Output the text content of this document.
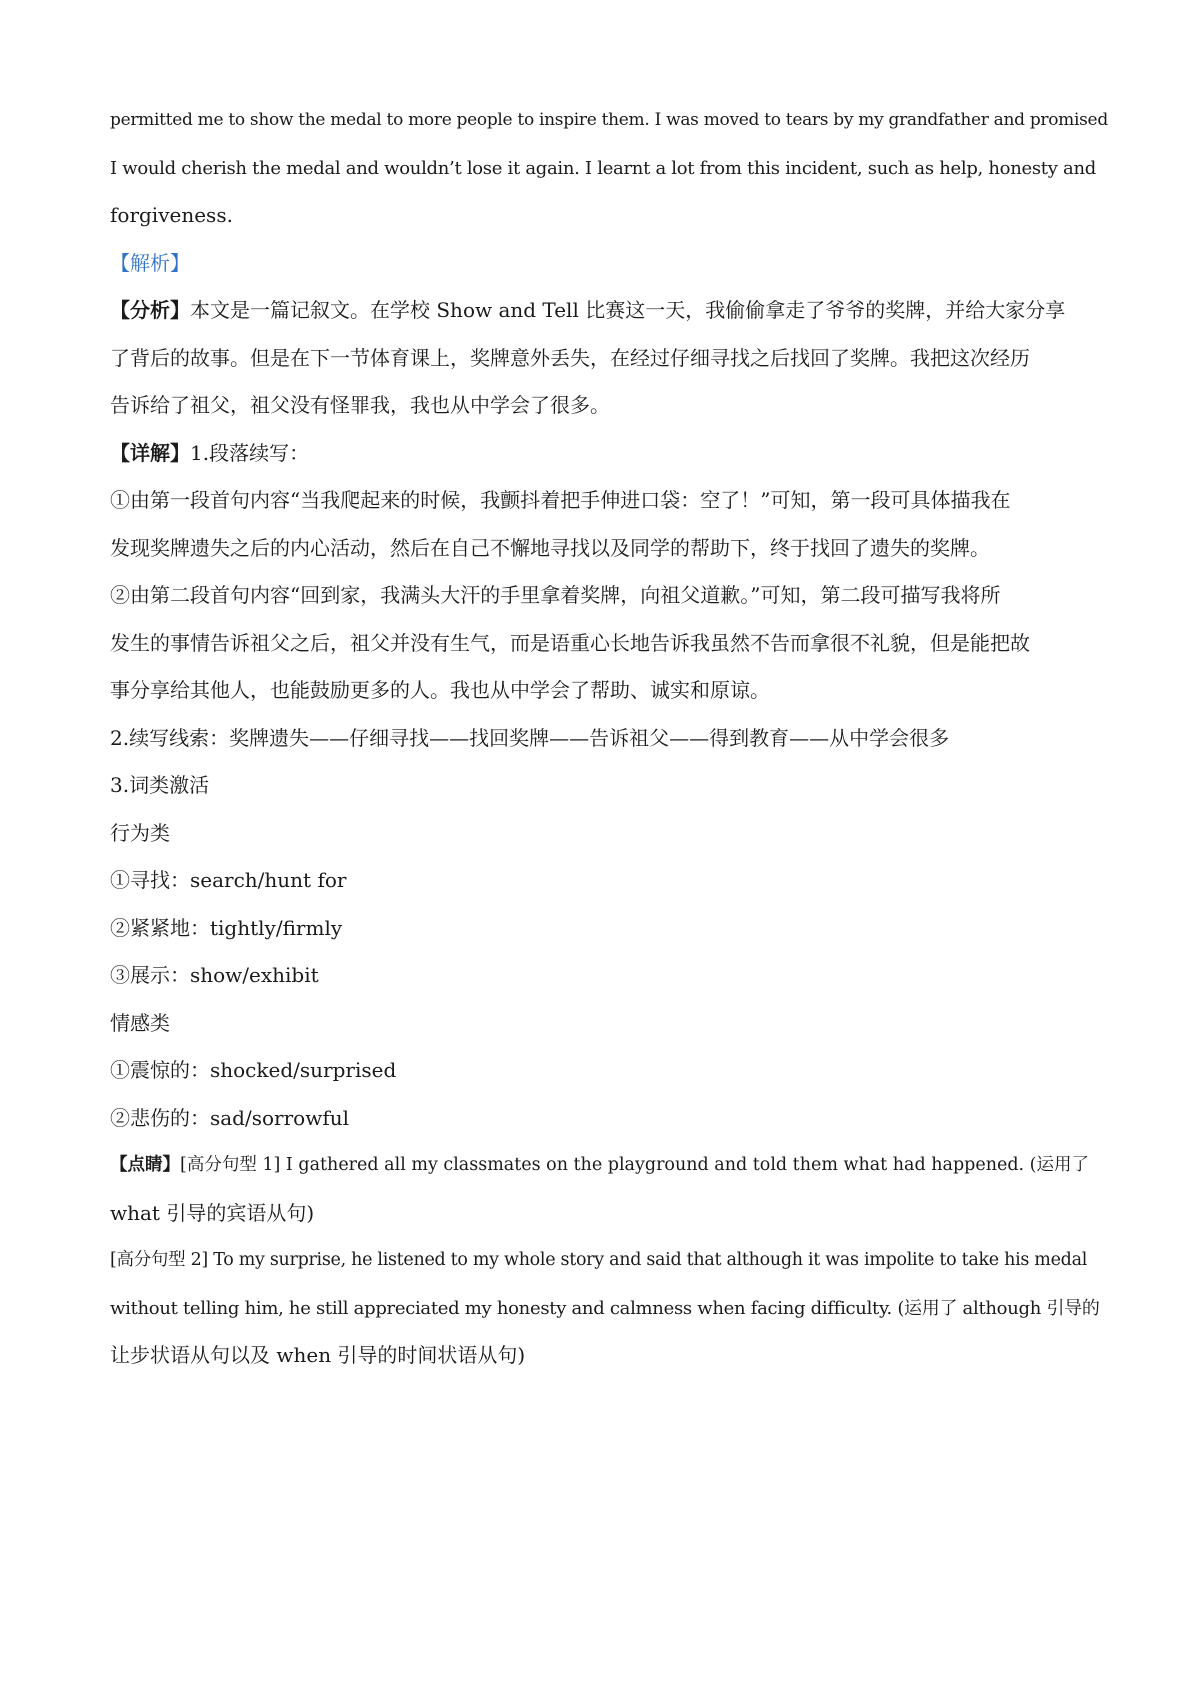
permitted me to show the medal to more people to inspire them. I was moved to tears by my grandfather and promised
I would cherish the medal and wouldn’t lose it again. I learnt a lot from this incident, such as help, honesty and
forgiveness.
【解析】
【分析】本文是一篇记叙文。在学校 Show and Tell 比赛这一天，我偷偷拿走了爷爷的奖牌，并给大家分享
了背后的故事。但是在下一节体育课上，奖牌意外丢失，在经过仔细寻找之后找回了奖牌。我把这次经历
告诉给了祖父，祖父没有怪罪我，我也从中学会了很多。
【详解】1.段落续写：
①由第一段首句内容“当我爬起来的时候，我颤抖着把手伸进口袋：空了！”可知，第一段可具体描我在
发现奖牌遗失之后的内心活动，然后在自己不懈地寻找以及同学的帮助下，终于找回了遗失的奖牌。
②由第二段首句内容“回到家，我满头大汗的手里拿着奖牌，向祖父道歉。”可知，第二段可描写我将所
发生的事情告诉祖父之后，祖父并没有生气，而是语重心长地告诉我虽然不告而拿很不礼貌，但是能把故
事分享给其他人，也能鼓励更多的人。我也从中学会了帮助、诚实和原谅。
2.续写线索：奖牌遗失——仔细寻找——找回奖牌——告诉祖父——得到教育——从中学会很多
3.词类激活
行为类
①寻找：search/hunt for
②紧紧地：tightly/firmly
③展示：show/exhibit
情感类
①震惊的：shocked/surprised
②悲伤的：sad/sorrowful
【点睛】[高分句型 1] I gathered all my classmates on the playground and told them what had happened. (运用了
what 引导的宾语从句)
[高分句型 2] To my surprise, he listened to my whole story and said that although it was impolite to take his medal
without telling him, he still appreciated my honesty and calmness when facing difficulty. (运用了 although 引导的
让步状语从句以及 when 引导的时间状语从句)
